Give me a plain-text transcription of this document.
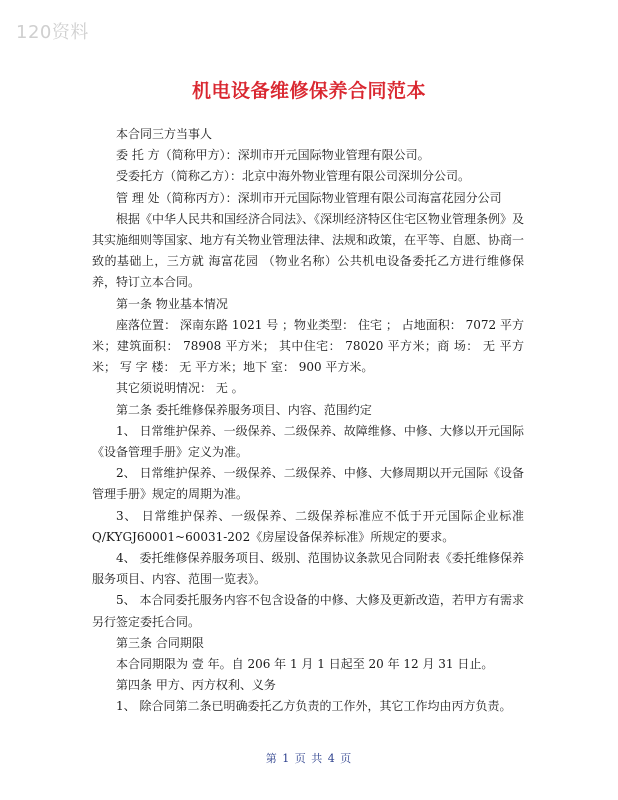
120资料
机电设备维修保养合同范本

本合同三方当事人

委 托 方（简称甲方）：深圳市开元国际物业管理有限公司。

受委托方（简称乙方）：北京中海外物业管理有限公司深圳分公司。

管 理 处（简称丙方）：深圳市开元国际物业管理有限公司海富花园分公司

根据《中华人民共和国经济合同法》、《深圳经济特区住宅区物业管理条例》及其实施细则等国家、地方有关物业管理法律、法规和政策，在平等、自愿、协商一致的基础上，三方就 海富花园 （物业名称）公共机电设备委托乙方进行维修保养，特订立本合同。

第一条 物业基本情况

座落位置： 深南东路 1021 号 ；物业类型： 住宅 ； 占地面积： 7072 平方米；建筑面积： 78908 平方米； 其中住宅： 78020 平方米；商 场： 无 平方米； 写 字 楼： 无 平方米；地下 室： 900 平方米。

其它须说明情况： 无 。

第二条 委托维修保养服务项目、内容、范围约定

1、 日常维护保养、一级保养、二级保养、故障维修、中修、大修以开元国际《设备管理手册》定义为准。

2、 日常维护保养、一级保养、二级保养、中修、大修周期以开元国际《设备管理手册》规定的周期为准。

3、 日常维护保养、一级保养、二级保养标准应不低于开元国际企业标准 Q/KYGJ60001~60031-202《房屋设备保养标准》所规定的要求。

4、 委托维修保养服务项目、级别、范围协议条款见合同附表《委托维修保养服务项目、内容、范围一览表》。

5、 本合同委托服务内容不包含设备的中修、大修及更新改造，若甲方有需求另行签定委托合同。

第三条 合同期限

本合同期限为 壹 年。自 206 年 1 月 1 日起至 20 年 12 月 31 日止。

第四条 甲方、丙方权利、义务

1、 除合同第二条已明确委托乙方负责的工作外，其它工作均由丙方负责。

第 1 页 共 4 页
